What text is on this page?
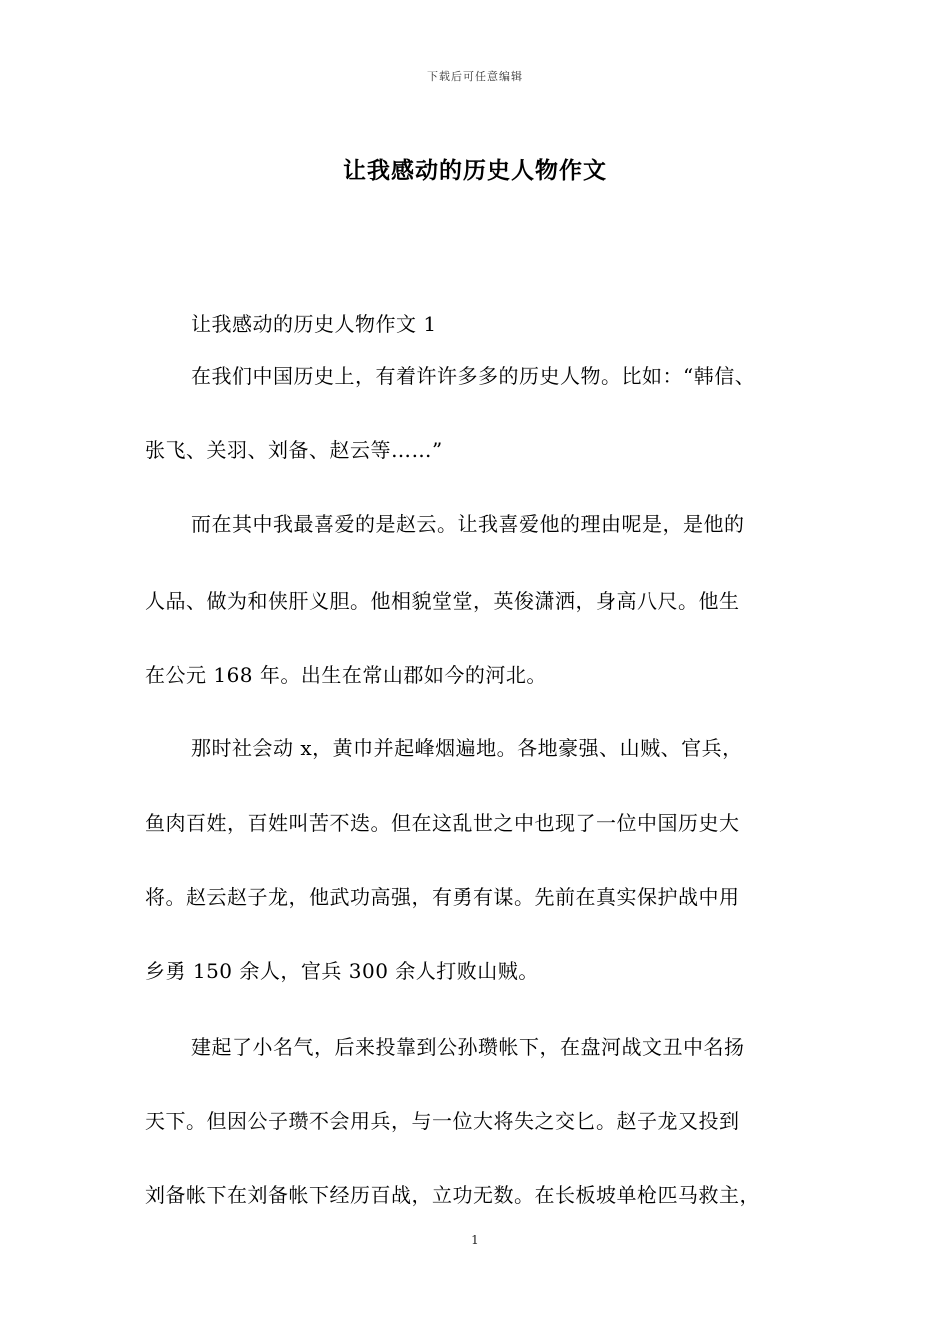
下载后可任意编辑
让我感动的历史人物作文
让我感动的历史人物作文 1
在我们中国历史上，有着许许多多的历史人物。比如：“韩信、
张飞、关羽、刘备、赵云等……”
而在其中我最喜爱的是赵云。让我喜爱他的理由呢是，是他的
人品、做为和侠肝义胆。他相貌堂堂，英俊潇洒，身高八尺。他生
在公元 168 年。出生在常山郡如今的河北。
那时社会动 x，黄巾并起峰烟遍地。各地豪强、山贼、官兵，
鱼肉百姓，百姓叫苦不迭。但在这乱世之中也现了一位中国历史大
将。赵云赵子龙，他武功高强，有勇有谋。先前在真实保护战中用
乡勇 150 余人，官兵 300 余人打败山贼。
建起了小名气，后来投靠到公孙瓒帐下，在盘河战文丑中名扬
天下。但因公子瓒不会用兵，与一位大将失之交匕。赵子龙又投到
刘备帐下在刘备帐下经历百战，立功无数。在长板坡单枪匹马救主，
1
